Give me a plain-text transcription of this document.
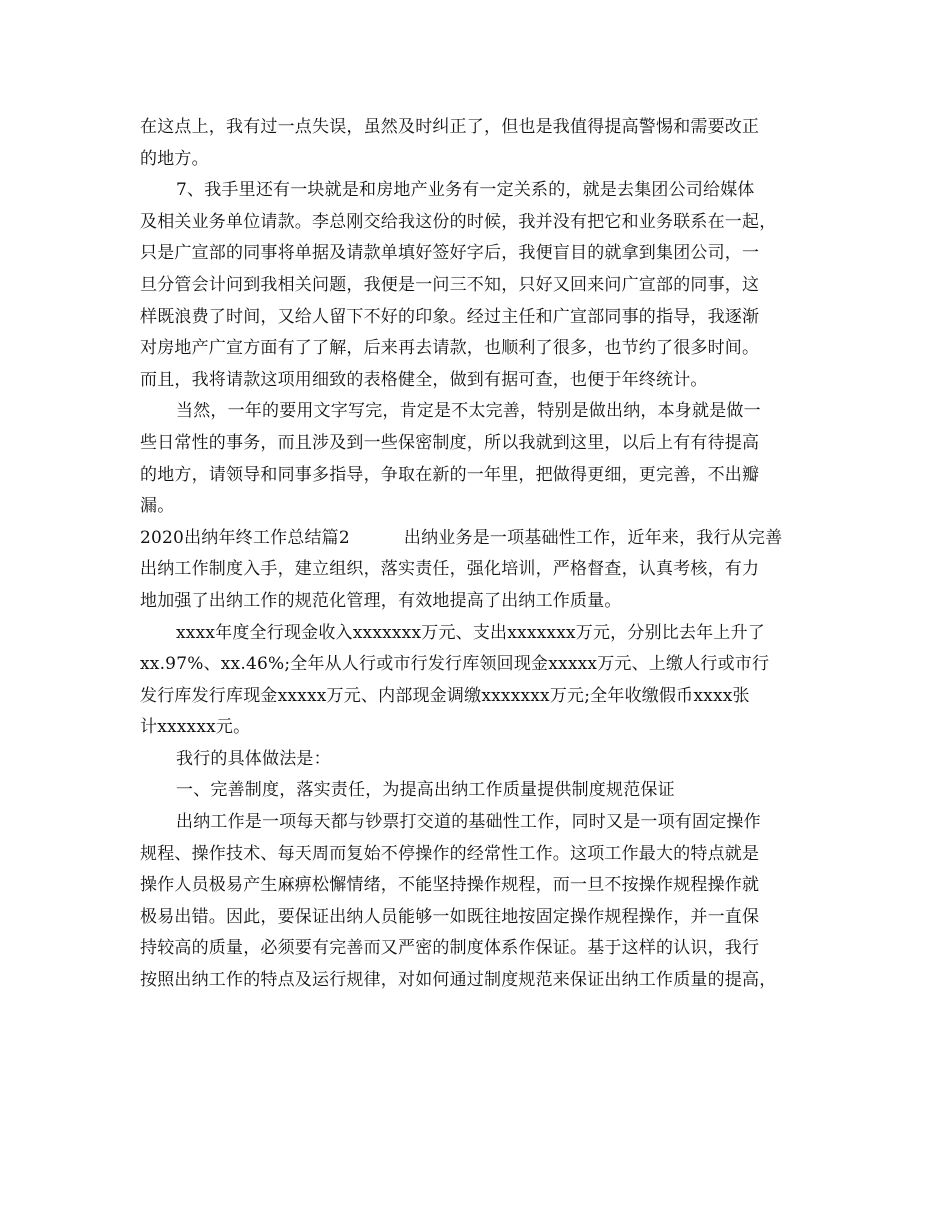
在这点上，我有过一点失误，虽然及时纠正了，但也是我值得提高警惕和需要改正

的地方。

7、我手里还有一块就是和房地产业务有一定关系的，就是去集团公司给媒体

及相关业务单位请款。李总刚交给我这份的时候，我并没有把它和业务联系在一起，

只是广宣部的同事将单据及请款单填好签好字后，我便盲目的就拿到集团公司，一

旦分管会计问到我相关问题，我便是一问三不知，只好又回来问广宣部的同事，这

样既浪费了时间，又给人留下不好的印象。经过主任和广宣部同事的指导，我逐渐

对房地产广宣方面有了了解，后来再去请款，也顺利了很多，也节约了很多时间。

而且，我将请款这项用细致的表格健全，做到有据可查，也便于年终统计。

当然，一年的要用文字写完，肯定是不太完善，特别是做出纳，本身就是做一

些日常性的事务，而且涉及到一些保密制度，所以我就到这里，以后上有有待提高

的地方，请领导和同事多指导，争取在新的一年里，把做得更细，更完善，不出瓣

漏。

2020出纳年终工作总结篇2	出纳业务是一项基础性工作，近年来，我行从完善

出纳工作制度入手，建立组织，落实责任，强化培训，严格督查，认真考核，有力

地加强了出纳工作的规范化管理，有效地提高了出纳工作质量。

xxxx年度全行现金收入xxxxxxx万元、支出xxxxxxx万元，分别比去年上升了

xx.97%、xx.46%;全年从人行或市行发行库领回现金xxxxx万元、上缴人行或市行

发行库发行库现金xxxxx万元、内部现金调缴xxxxxxx万元;全年收缴假币xxxx张

计xxxxxx元。

我行的具体做法是：

一、完善制度，落实责任，为提高出纳工作质量提供制度规范保证

出纳工作是一项每天都与钞票打交道的基础性工作，同时又是一项有固定操作

规程、操作技术、每天周而复始不停操作的经常性工作。这项工作最大的特点就是

操作人员极易产生麻痹松懈情绪，不能坚持操作规程，而一旦不按操作规程操作就

极易出错。因此，要保证出纳人员能够一如既往地按固定操作规程操作，并一直保

持较高的质量，必须要有完善而又严密的制度体系作保证。基于这样的认识，我行

按照出纳工作的特点及运行规律，对如何通过制度规范来保证出纳工作质量的提高，
